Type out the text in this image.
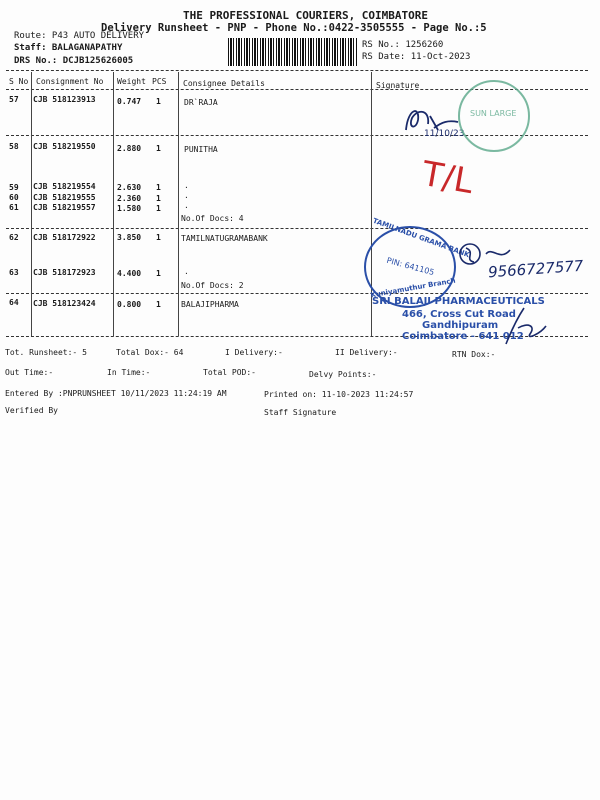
THE PROFESSIONAL COURIERS, COIMBATORE
Delivery Runsheet - PNP - Phone No.:0422-3505555 - Page No.:5
Route: P43 AUTO DELIVERY
Staff: BALAGANAPATHY
DRS No.: DCJB125626005
RS No.: 1256260
RS Date: 11-Oct-2023
S No Consignment No Weight PCS Consignee Details	Signature
57 CJB 518123913	0.747 1	DR`RAJA
58 CJB 518219550	2.880 1	PUNITHA
59 CJB 518219554	2.630 1	.
60 CJB 518219555	2.360 1	.
61 CJB 518219557	1.580 1	.
No.Of Docs: 4
62 CJB 518172922	3.850 1	TAMILNATUGRAMABANK
63 CJB 518172923	4.400 1	.
No.Of Docs: 2
64 CJB 518123424	0.800 1	BALAJIPHARMA
11/10/23
SUN LARGE
T/L
TAMILNADU GRAMA BANK
PIN: 641105
Kuniyamuthur Branch
9566727577
SRI BALAJI PHARMACEUTICALS
466, Cross Cut Road
Gandhipuram
Coimbatore - 641 012
Tot. Runsheet:- 5	Total Dox:- 64	I Delivery:-	II Delivery:-	RTN Dox:-
Out Time:-	In Time:-	Total POD:-	Delvy Points:-
Entered By :PNPRUNSHEET 10/11/2023 11:24:19 AM	Printed on: 11-10-2023 11:24:57
Verified By	Staff Signature
